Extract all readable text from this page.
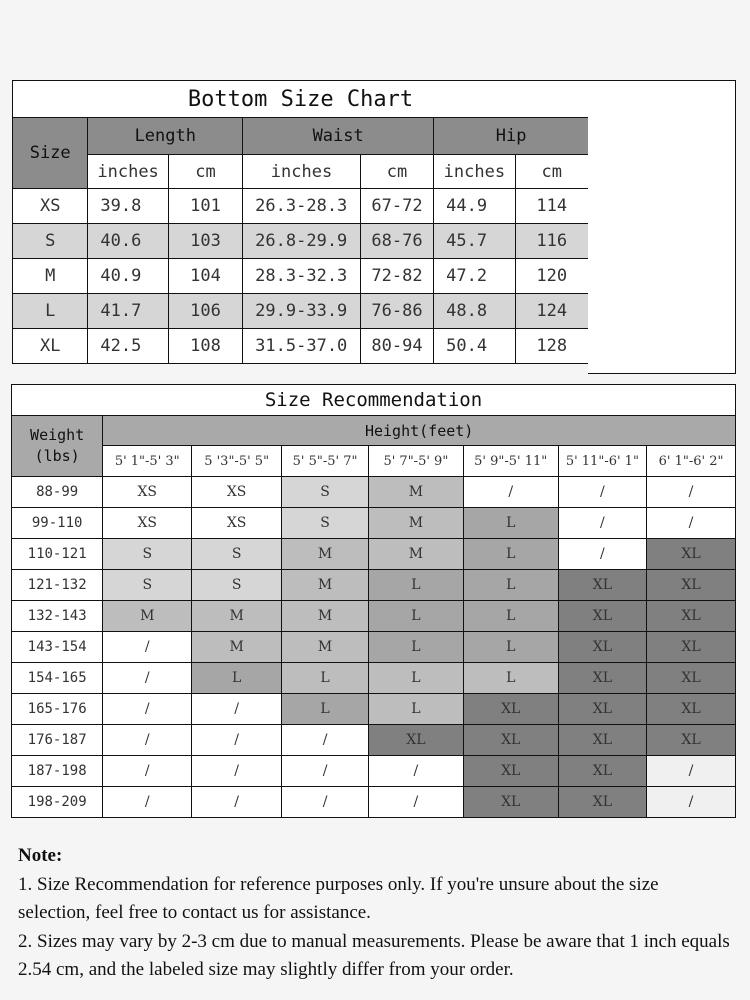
Bottom Size Chart						
Size	Length		Waist		Hip	
	inches	cm	inches	cm	inches	cm
XS	39.8	101	26.3-28.3	67-72	44.9	114
S	40.6	103	26.8-29.9	68-76	45.7	116
M	40.9	104	28.3-32.3	72-82	47.2	120
L	41.7	106	29.9-33.9	76-86	48.8	124
XL	42.5	108	31.5-37.0	80-94	50.4	128
Size Recommendation							
Weight
(lbs)	Height(feet)						
	5' 1"-5' 3"	5 '3"-5' 5"	5' 5"-5' 7"	5' 7"-5' 9"	5' 9"-5' 11"	5' 11"-6' 1"	6' 1"-6' 2"
88-99	XS	XS	S	M	/	/	/
99-110	XS	XS	S	M	L	/	/
110-121	S	S	M	M	L	/	XL
121-132	S	S	M	L	L	XL	XL
132-143	M	M	M	L	L	XL	XL
143-154	/	M	M	L	L	XL	XL
154-165	/	L	L	L	L	XL	XL
165-176	/	/	L	L	XL	XL	XL
176-187	/	/	/	XL	XL	XL	XL
187-198	/	/	/	/	XL	XL	/
198-209	/	/	/	/	XL	XL	/
Note:
1. Size Recommendation for reference purposes only. If you're unsure about the size selection, feel free to contact us for assistance.
2. Sizes may vary by 2-3 cm due to manual measurements. Please be aware that 1 inch equals 2.54 cm, and the labeled size may slightly differ from your order.
